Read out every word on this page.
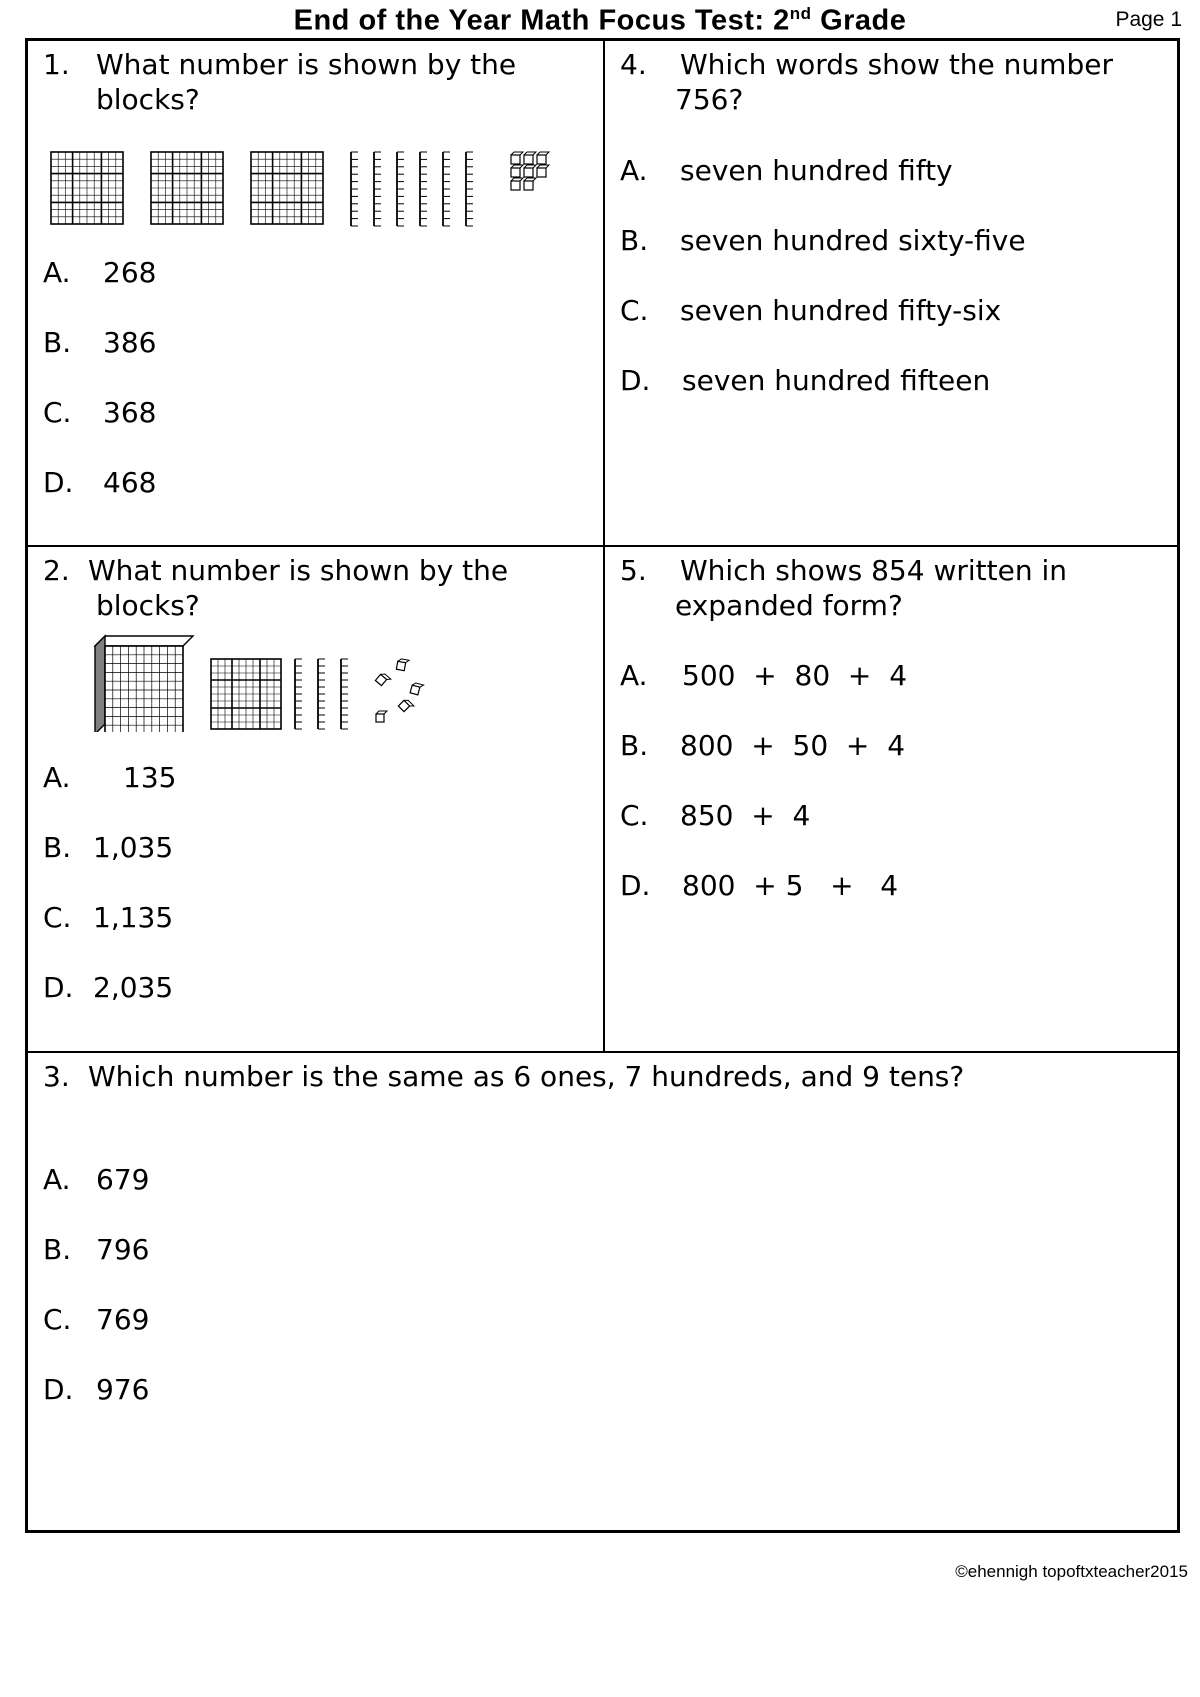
End of the Year Math Focus Test: 2nd Grade	Page 1
1. What number is shown by the
blocks?
A. 268
B. 386
C. 368
D. 468
2. What number is shown by the
blocks?
A. 135
B. 1,035
C. 1,135
D. 2,035
4. Which words show the number
756?
A. seven hundred fifty
B. seven hundred sixty-five
C. seven hundred fifty-six
D. seven hundred fifteen
5. Which shows 854 written in
expanded form?
A. 500  +  80  +  4
B. 800  +  50  +  4
C. 850  +  4
D. 800  + 5   +   4
3. Which number is the same as 6 ones, 7 hundreds, and 9 tens?
A. 679
B. 796
C. 769
D. 976
©ehennigh topoftxteacher2015
